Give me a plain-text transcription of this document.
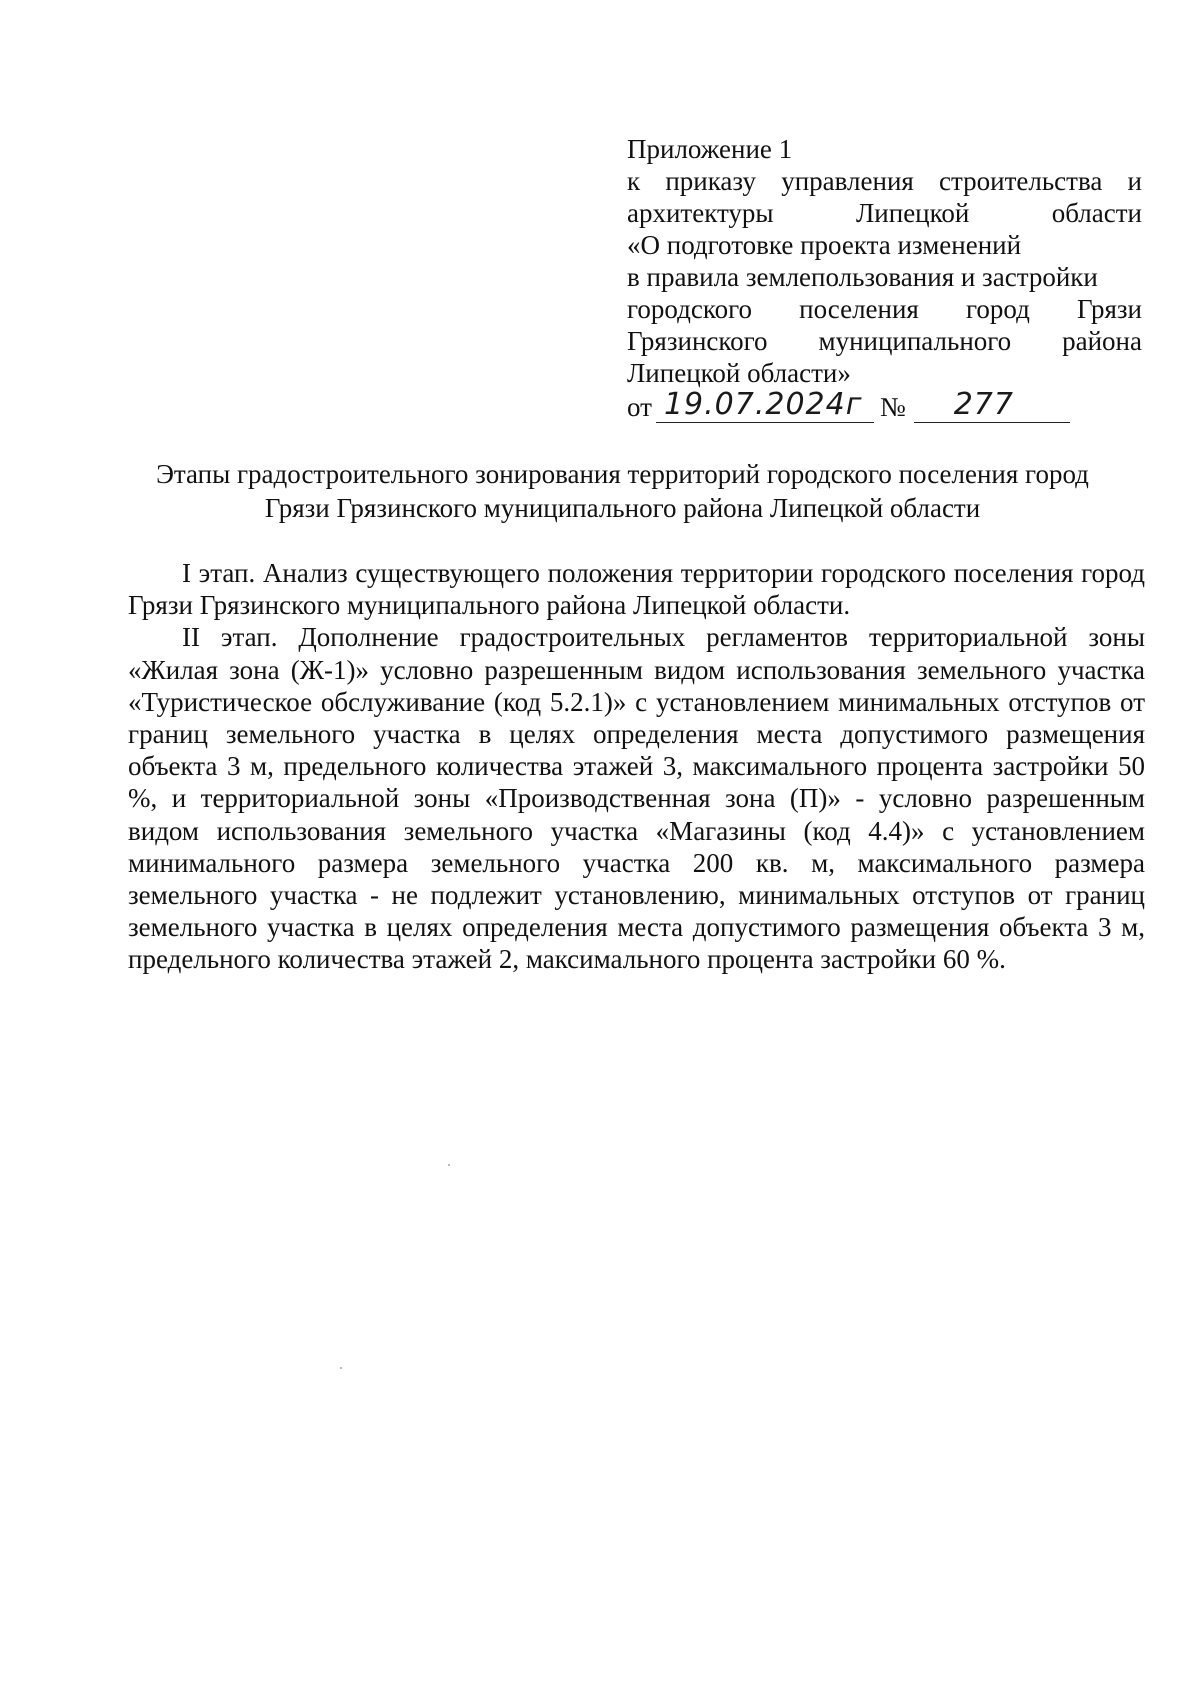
Приложение 1
к приказу управления строительства и
архитектуры Липецкой области
«О подготовке проекта изменений
в правила землепользования и застройки
городского поселения город Грязи
Грязинского муниципального района
Липецкой области»
от 19.07.2024г № 277
Этапы градостроительного зонирования территорий городского поселения город
Грязи Грязинского муниципального района Липецкой области

I этап. Анализ существующего положения территории городского поселения город Грязи Грязинского муниципального района Липецкой области.

II этап. Дополнение градостроительных регламентов территориальной зоны «Жилая зона (Ж-1)» условно разрешенным видом использования земельного участка «Туристическое обслуживание (код 5.2.1)» с установлением минимальных отступов от границ земельного участка в целях определения места допустимого размещения объекта 3 м, предельного количества этажей 3, максимального процента застройки 50 %, и территориальной зоны «Производственная зона (П)» - условно разрешенным видом использования земельного участка «Магазины (код 4.4)» с установлением минимального размера земельного участка 200 кв. м, максимального размера земельного участка - не подлежит установлению, минимальных отступов от границ земельного участка в целях определения места допустимого размещения объекта 3 м, предельного количества этажей 2, максимального процента застройки 60 %.
